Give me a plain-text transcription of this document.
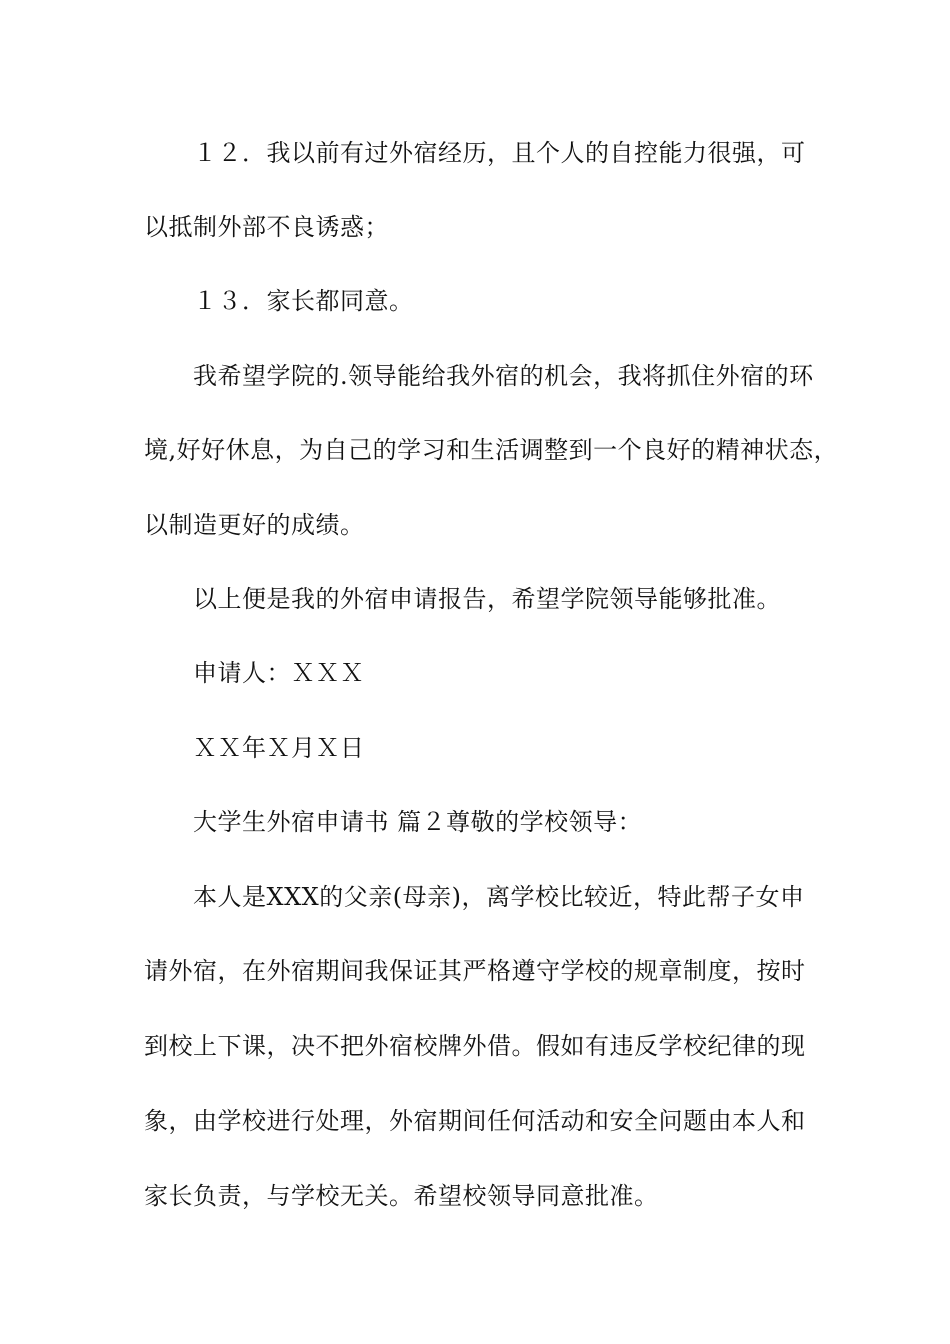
１２．我以前有过外宿经历，且个人的自控能力很强，可
以抵制外部不良诱惑；
１３．家长都同意。
我希望学院的.领导能给我外宿的机会，我将抓住外宿的环
境,好好休息，为自己的学习和生活调整到一个良好的精神状态，
以制造更好的成绩。
以上便是我的外宿申请报告，希望学院领导能够批准。
申请人：ＸＸＸ
ＸＸ年Ｘ月Ｘ日
大学生外宿申请书 篇２尊敬的学校领导：
本人是XXX的父亲(母亲)，离学校比较近，特此帮子女申
请外宿，在外宿期间我保证其严格遵守学校的规章制度，按时
到校上下课，决不把外宿校牌外借。假如有违反学校纪律的现
象，由学校进行处理，外宿期间任何活动和安全问题由本人和
家长负责，与学校无关。希望校领导同意批准。
